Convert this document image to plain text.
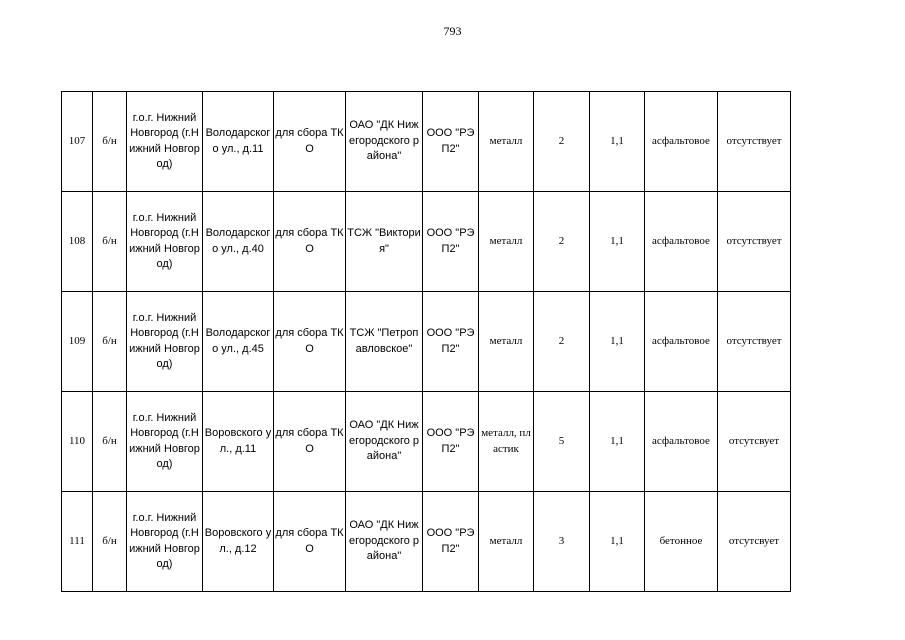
793
107	б/н	г.о.г. Нижний Новгород (г.Нижний Новгород)	Володарского ул., д.11	для сбора ТКО	ОАО "ДК Нижегородского района"	ООО "РЭП2"	металл	2	1,1	асфальтовое	отсутствует
108	б/н	г.о.г. Нижний Новгород (г.Нижний Новгород)	Володарского ул., д.40	для сбора ТКО	ТСЖ "Виктория"	ООО "РЭП2"	металл	2	1,1	асфальтовое	отсутствует
109	б/н	г.о.г. Нижний Новгород (г.Нижний Новгород)	Володарского ул., д.45	для сбора ТКО	ТСЖ "Петропавловское"	ООО "РЭП2"	металл	2	1,1	асфальтовое	отсутствует
110	б/н	г.о.г. Нижний Новгород (г.Нижний Новгород)	Воровского ул., д.11	для сбора ТКО	ОАО "ДК Нижегородского района"	ООО "РЭП2"	металл, пластик	5	1,1	асфальтовое	отсутсвует
111	б/н	г.о.г. Нижний Новгород (г.Нижний Новгород)	Воровского ул., д.12	для сбора ТКО	ОАО "ДК Нижегородского района"	ООО "РЭП2"	металл	3	1,1	бетонное	отсутсвует
